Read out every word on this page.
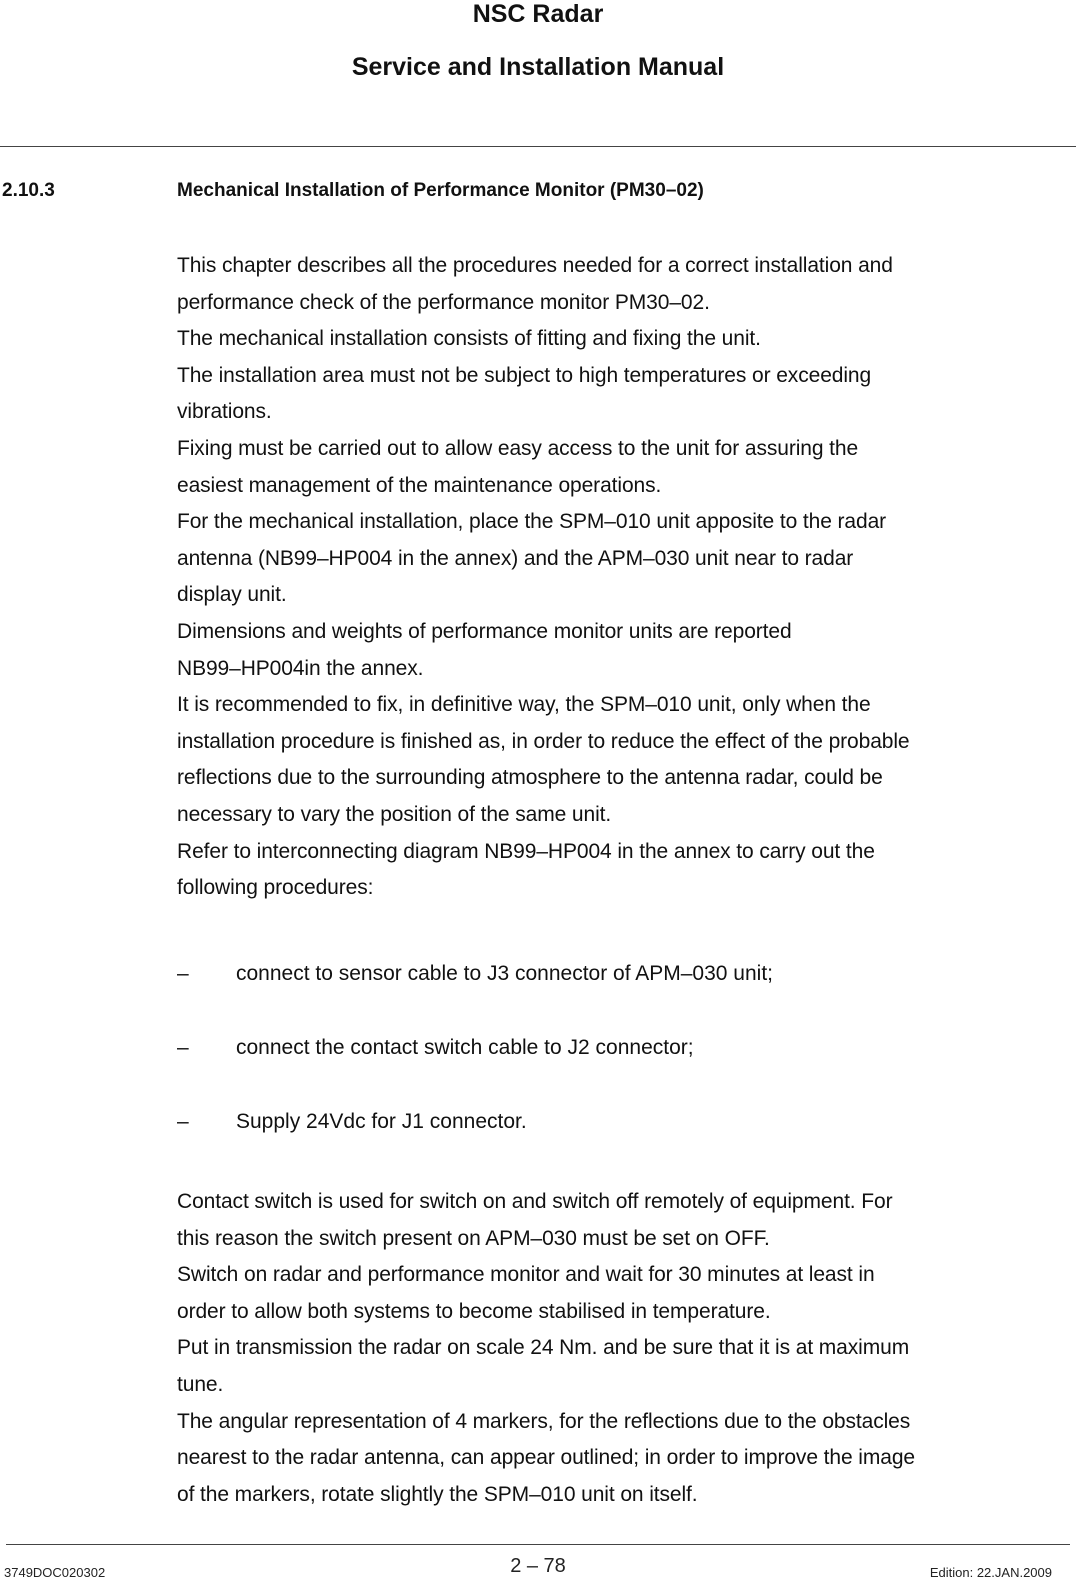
NSC Radar
Service and Installation Manual
2.10.3	Mechanical Installation of Performance Monitor (PM30–02)

This chapter describes all the procedures needed for a correct installation and
performance check of the performance monitor PM30–02.

The mechanical installation consists of fitting and fixing the unit.

The installation area must not be subject to high temperatures or exceeding
vibrations.

Fixing must be carried out to allow easy access to the unit for assuring the
easiest management of the maintenance operations.

For the mechanical installation, place the SPM–010 unit apposite to the radar
antenna (NB99–HP004 in the annex) and the APM–030 unit near to radar
display unit.

Dimensions and weights of performance monitor units are reported
NB99–HP004in the annex.

It is recommended to fix, in definitive way, the SPM–010 unit, only when the
installation procedure is finished as, in order to reduce the effect of the probable
reflections due to the surrounding atmosphere to the antenna radar, could be
necessary to vary the position of the same unit.

Refer to interconnecting diagram NB99–HP004 in the annex to carry out the
following procedures:

– connect to sensor cable to J3 connector of APM–030 unit;
– connect the contact switch cable to J2 connector;
– Supply 24Vdc for J1 connector.

Contact switch is used for switch on and switch off remotely of equipment. For
this reason the switch present on APM–030 must be set on OFF.

Switch on radar and performance monitor and wait for 30 minutes at least in
order to allow both systems to become stabilised in temperature.

Put in transmission the radar on scale 24 Nm. and be sure that it is at maximum
tune.

The angular representation of 4 markers, for the reflections due to the obstacles
nearest to the radar antenna, can appear outlined; in order to improve the image
of the markers, rotate slightly the SPM–010 unit on itself.

3749DOC020302	2 – 78	Edition: 22.JAN.2009
